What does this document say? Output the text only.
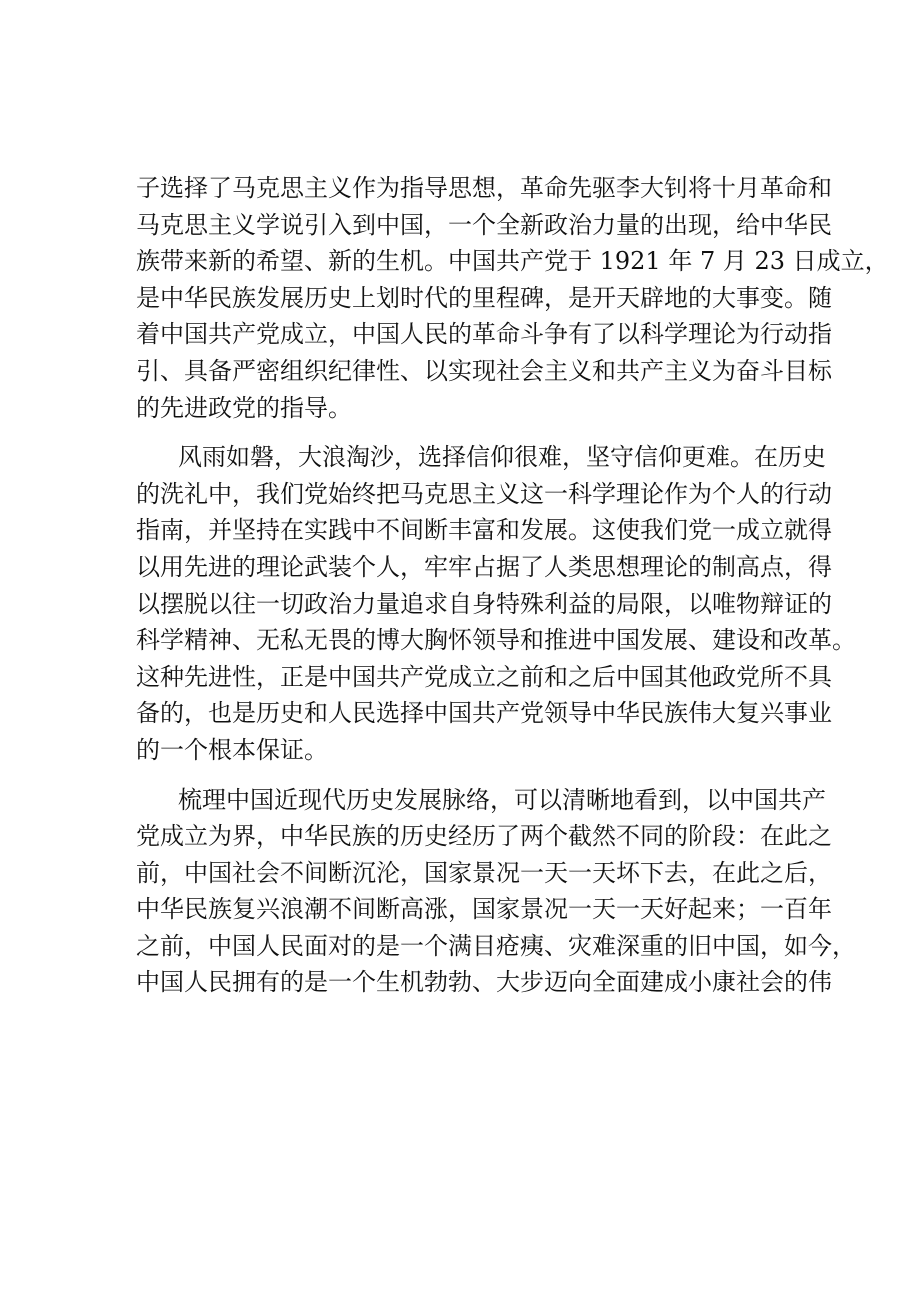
子选择了马克思主义作为指导思想，革命先驱李大钊将十月革命和
马克思主义学说引入到中国，一个全新政治力量的出现，给中华民
族带来新的希望、新的生机。中国共产党于 1921 年 7 月 23 日成立，
是中华民族发展历史上划时代的里程碑，是开天辟地的大事变。随
着中国共产党成立，中国人民的革命斗争有了以科学理论为行动指
引、具备严密组织纪律性、以实现社会主义和共产主义为奋斗目标
的先进政党的指导。
风雨如磐，大浪淘沙，选择信仰很难，坚守信仰更难。在历史
的洗礼中，我们党始终把马克思主义这一科学理论作为个人的行动
指南，并坚持在实践中不间断丰富和发展。这使我们党一成立就得
以用先进的理论武装个人，牢牢占据了人类思想理论的制高点，得
以摆脱以往一切政治力量追求自身特殊利益的局限，以唯物辩证的
科学精神、无私无畏的博大胸怀领导和推进中国发展、建设和改革。
这种先进性，正是中国共产党成立之前和之后中国其他政党所不具
备的，也是历史和人民选择中国共产党领导中华民族伟大复兴事业
的一个根本保证。
梳理中国近现代历史发展脉络，可以清晰地看到，以中国共产
党成立为界，中华民族的历史经历了两个截然不同的阶段：在此之
前，中国社会不间断沉沦，国家景况一天一天坏下去，在此之后，
中华民族复兴浪潮不间断高涨，国家景况一天一天好起来；一百年
之前，中国人民面对的是一个满目疮痍、灾难深重的旧中国，如今，
中国人民拥有的是一个生机勃勃、大步迈向全面建成小康社会的伟
